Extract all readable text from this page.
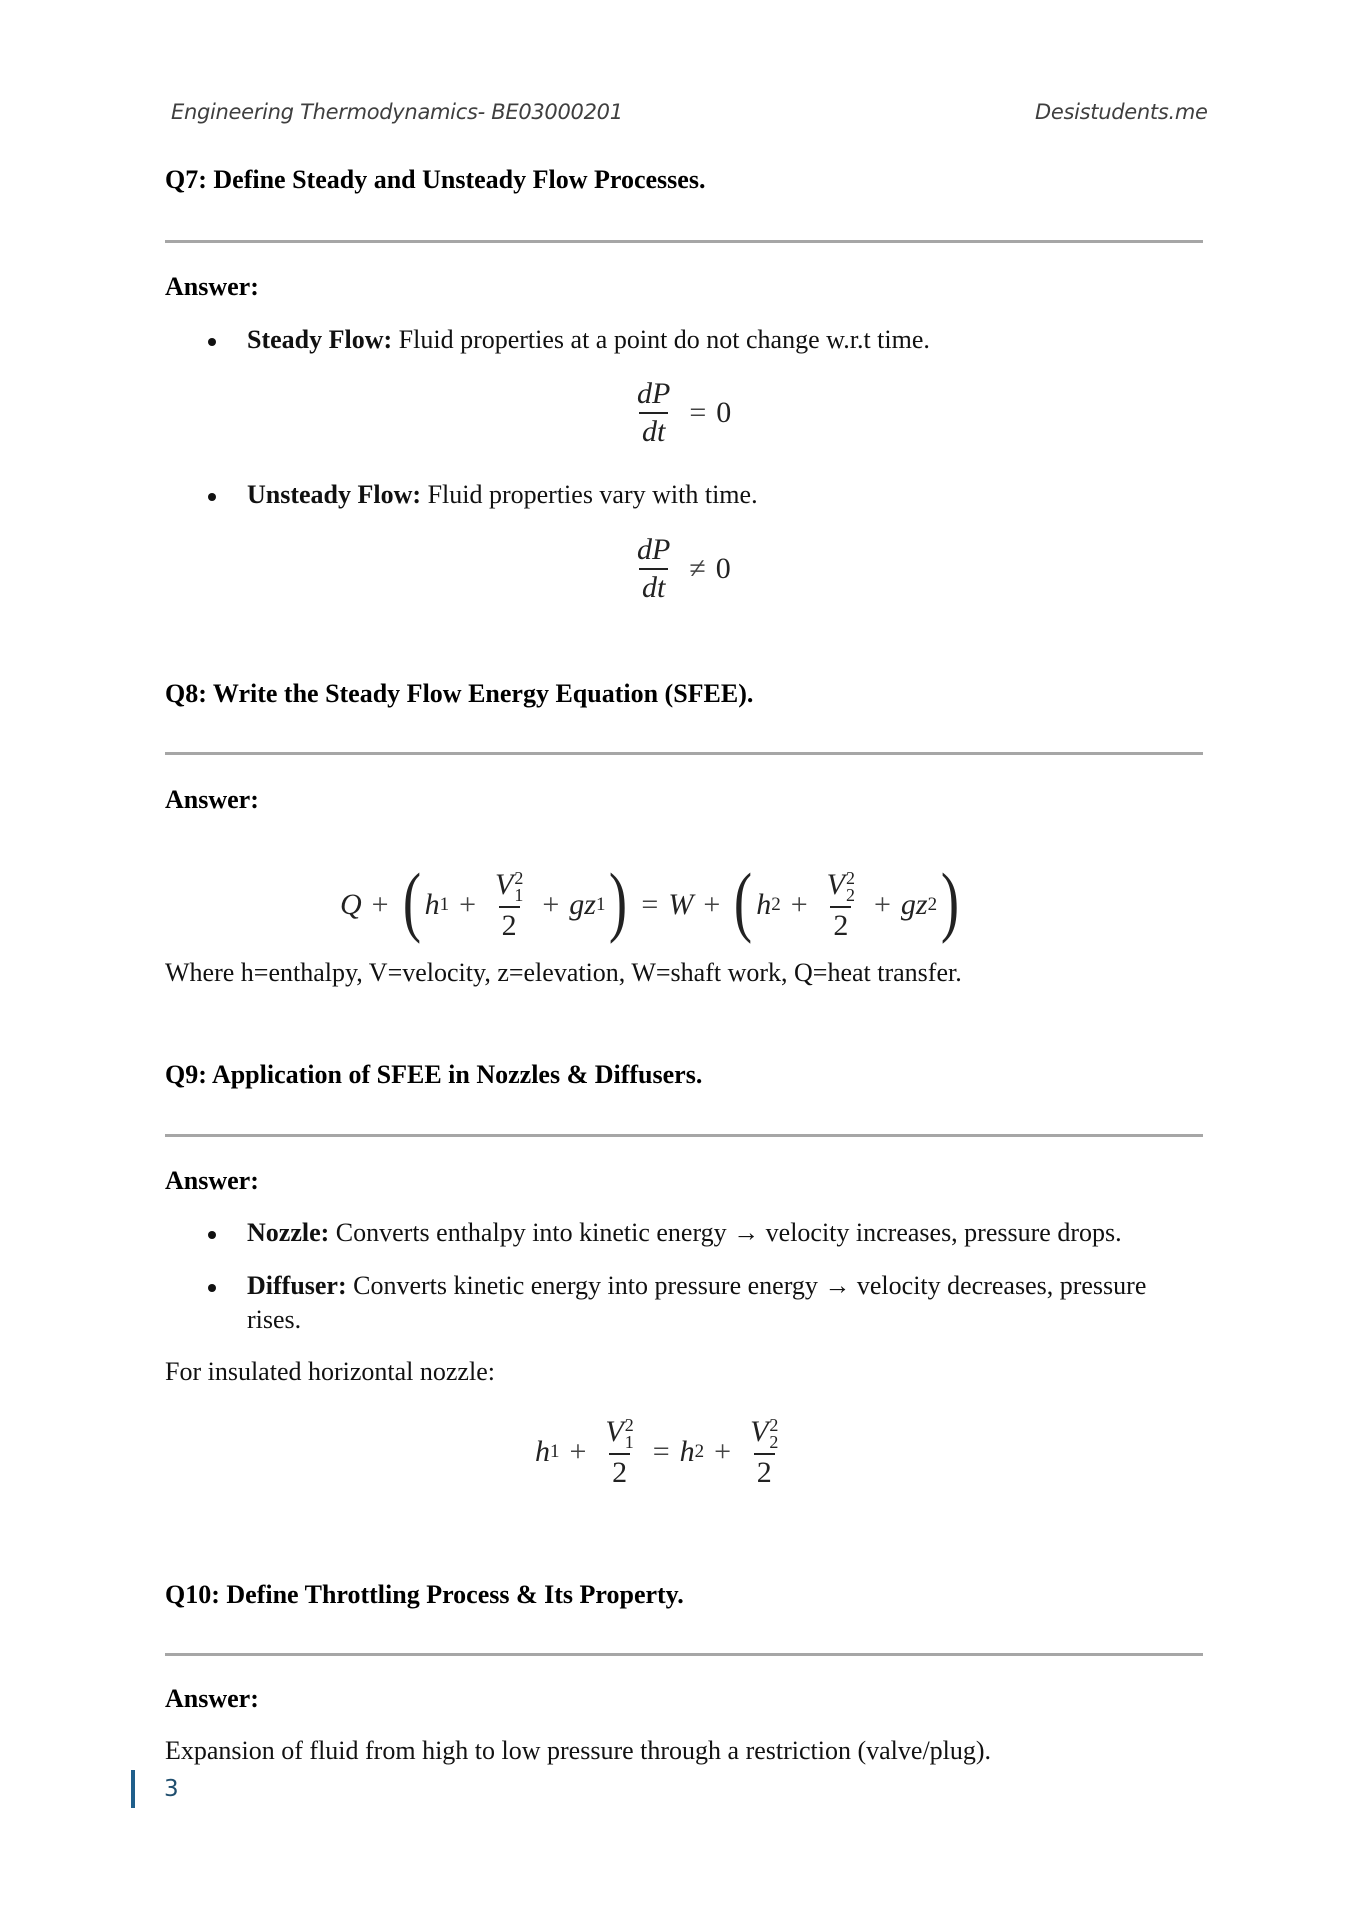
Engineering Thermodynamics- BE03000201	Desistudents.me
Q7: Define Steady and Unsteady Flow Processes.
Answer:
Steady Flow: Fluid properties at a point do not change w.r.t time.
$\frac{dP}{dt} = 0$
Unsteady Flow: Fluid properties vary with time.
$\frac{dP}{dt} \ne 0$
Q8: Write the Steady Flow Energy Equation (SFEE).
Answer:
Q + ( h 1 + V 2
1
2 + g z 1 ) = W + ( h 2 + V 2
2
2 + g z 2 )
Where h=enthalpy, V=velocity, z=elevation, W=shaft work, Q=heat transfer.
Q9: Application of SFEE in Nozzles & Diffusers.
Answer:
Nozzle: Converts enthalpy into kinetic energy → velocity increases, pressure drops.
Diffuser: Converts kinetic energy into pressure energy → velocity decreases, pressure
rises.
For insulated horizontal nozzle:
h 1 + V 2
1
2 = h 2 + V 2
2
2
Q10: Define Throttling Process & Its Property.
Answer:
Expansion of fluid from high to low pressure through a restriction (valve/plug).
3
